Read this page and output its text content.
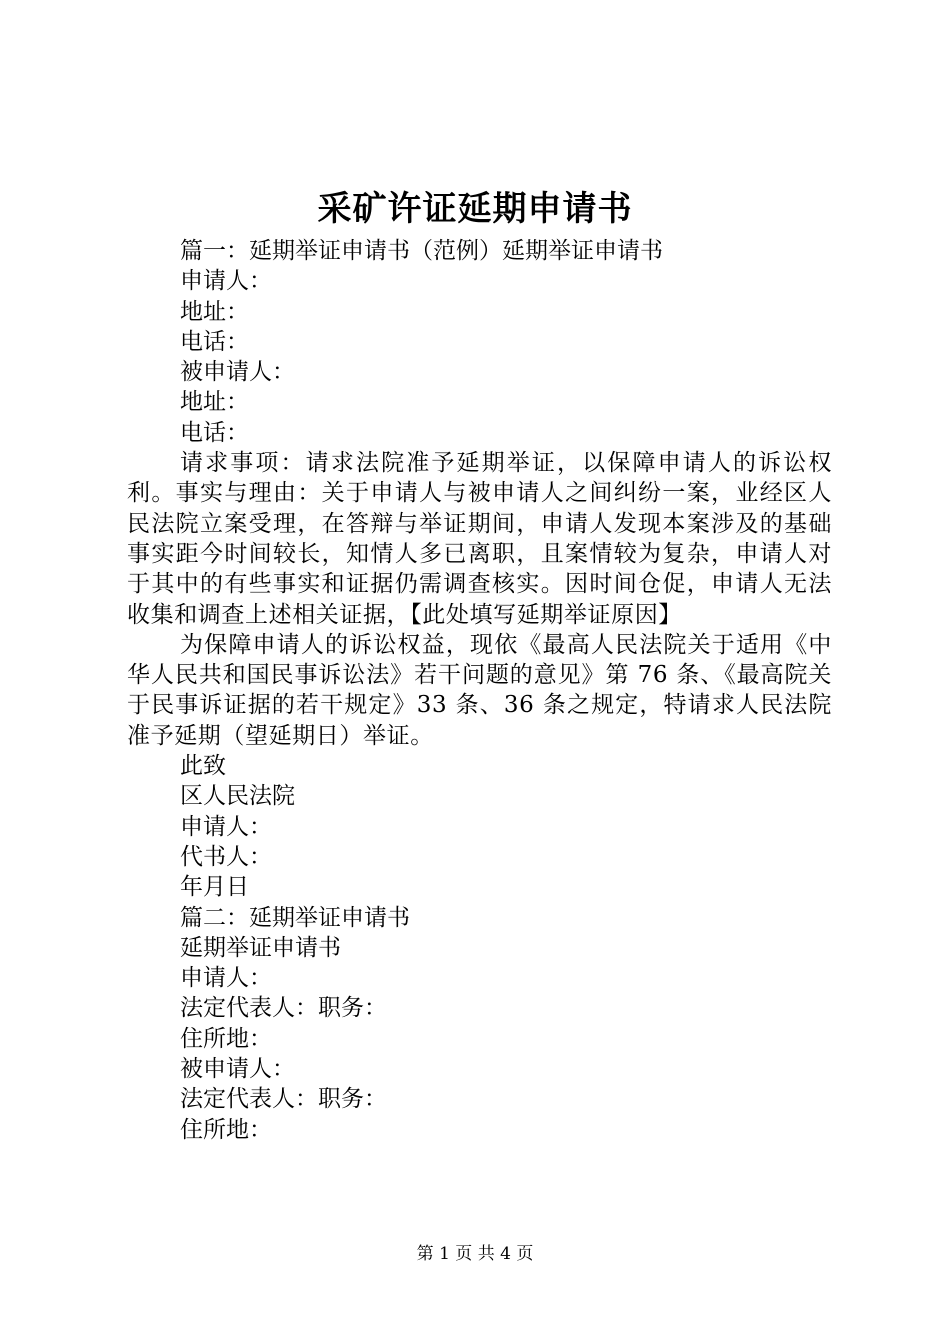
采矿许证延期申请书
篇一：延期举证申请书（范例）延期举证申请书
申请人：
地址：
电话：
被申请人：
地址：
电话：
请求事项：请求法院准予延期举证，以保障申请人的诉讼权利。事实与理由：关于申请人与被申请人之间纠纷一案，业经区人民法院立案受理，在答辩与举证期间，申请人发现本案涉及的基础事实距今时间较长，知情人多已离职，且案情较为复杂，申请人对于其中的有些事实和证据仍需调查核实。因时间仓促，申请人无法收集和调查上述相关证据，【此处填写延期举证原因】
为保障申请人的诉讼权益，现依《最高人民法院关于适用《中华人民共和国民事诉讼法》若干问题的意见》第 76 条、《最高院关于民事诉证据的若干规定》33 条、36 条之规定，特请求人民法院准予延期（望延期日）举证。
此致
区人民法院
申请人：
代书人：
年月日
篇二：延期举证申请书
延期举证申请书
申请人：
法定代表人：职务：
住所地：
被申请人：
法定代表人：职务：
住所地：
第 1 页 共 4 页
